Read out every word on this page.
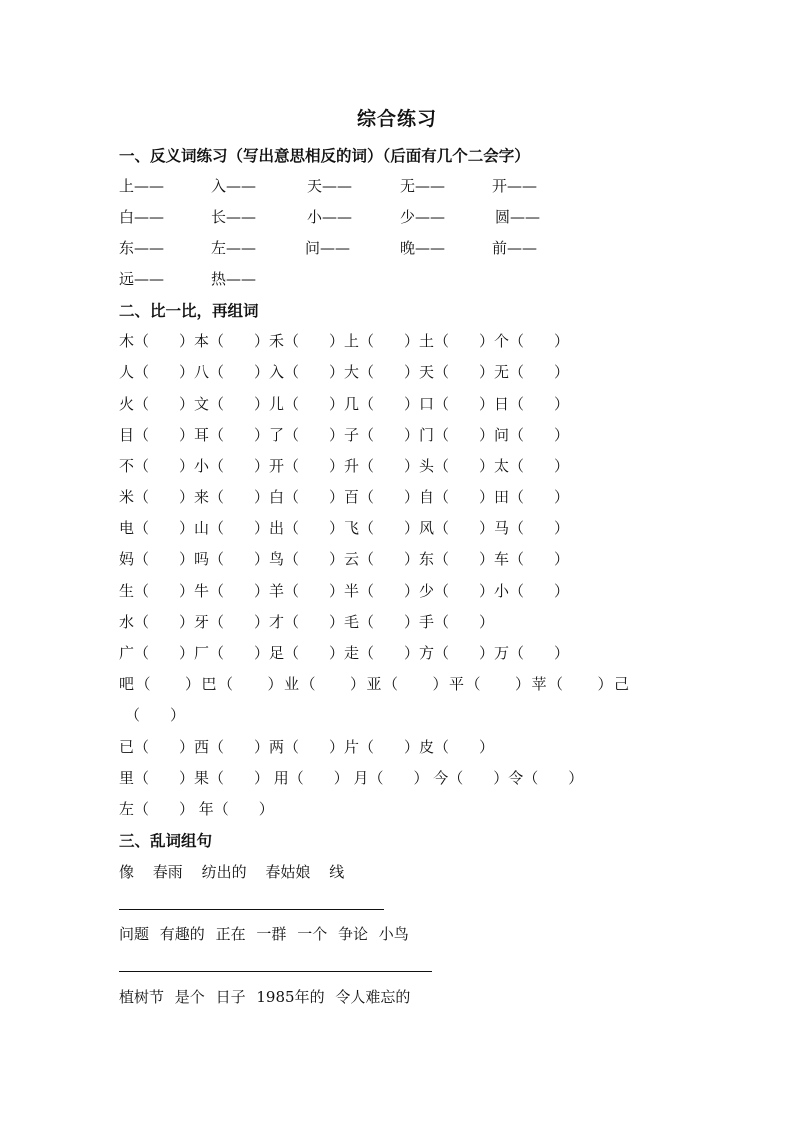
综合练习
一、反义词练习（写出意思相反的词）（后面有几个二会字）
上——	入——	天——	无——	开——
白——	长——	小——	少——	圆——
东——	左——	问——	晚——	前——
远——	热——
二、比一比，再组词
木（　　）本（　　）禾（　　）上（　　）土（　　）个（　　）
人（　　）八（　　）入（　　）大（　　）天（　　）无（　　）
火（　　）文（　　）儿（　　）几（　　）口（　　）日（　　）
目（　　）耳（　　）了（　　）子（　　）门（　　）问（　　）
不（　　）小（　　）开（　　）升（　　）头（　　）太（　　）
米（　　）来（　　）白（　　）百（　　）自（　　）田（　　）
电（　　）山（　　）出（　　）飞（　　）风（　　）马（　　）
妈（　　）吗（　　）鸟（　　）云（　　）东（　　）车（　　）
生（　　）牛（　　）羊（　　）半（　　）少（　　）小（　　）
水（　　）牙（　　）才（　　）毛（　　）手（　　）
广（　　）厂（　　）足（　　）走（　　）方（　　）万（　　）
吧（　　）巴（　　）业（　　）亚（　　）平（　　）苹（　　）己
（　　）
已（　　）西（　　）两（　　）片（　　）皮（　　）
里（　　）果（　　） 用（　　） 月（　　） 今（　　）令（　　）
左（　　） 年（　　）
三、乱词组句
像 春雨 纺出的 春姑娘 线
问题 有趣的 正在 一群 一个 争论 小鸟
植树节 是个 日子 1985年的 令人难忘的
